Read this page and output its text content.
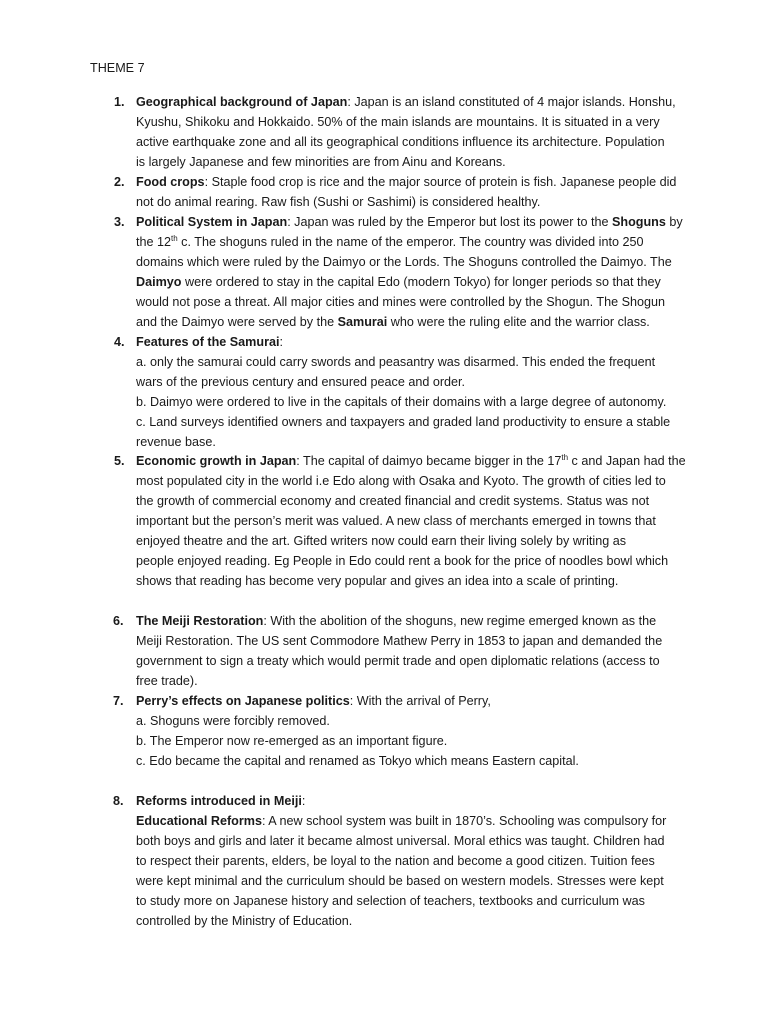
THEME 7
1. Geographical background of Japan: Japan is an island constituted of 4 major islands. Honshu,
Kyushu, Shikoku and Hokkaido. 50% of the main islands are mountains. It is situated in a very
active earthquake zone and all its geographical conditions influence its architecture. Population
is largely Japanese and few minorities are from Ainu and Koreans.
2. Food crops: Staple food crop is rice and the major source of protein is fish. Japanese people did
not do animal rearing. Raw fish (Sushi or Sashimi) is considered healthy.
3. Political System in Japan: Japan was ruled by the Emperor but lost its power to the Shoguns by
the 12th c. The shoguns ruled in the name of the emperor. The country was divided into 250
domains which were ruled by the Daimyo or the Lords. The Shoguns controlled the Daimyo. The
Daimyo were ordered to stay in the capital Edo (modern Tokyo) for longer periods so that they
would not pose a threat. All major cities and mines were controlled by the Shogun. The Shogun
and the Daimyo were served by the Samurai who were the ruling elite and the warrior class.
4. Features of the Samurai:
a. only the samurai could carry swords and peasantry was disarmed. This ended the frequent
wars of the previous century and ensured peace and order.
b. Daimyo were ordered to live in the capitals of their domains with a large degree of autonomy.
c. Land surveys identified owners and taxpayers and graded land productivity to ensure a stable
revenue base.
5. Economic growth in Japan: The capital of daimyo became bigger in the 17th c and Japan had the
most populated city in the world i.e Edo along with Osaka and Kyoto. The growth of cities led to
the growth of commercial economy and created financial and credit systems. Status was not
important but the person’s merit was valued. A new class of merchants emerged in towns that
enjoyed theatre and the art. Gifted writers now could earn their living solely by writing as
people enjoyed reading. Eg People in Edo could rent a book for the price of noodles bowl which
shows that reading has become very popular and gives an idea into a scale of printing.
6. The Meiji Restoration: With the abolition of the shoguns, new regime emerged known as the
Meiji Restoration. The US sent Commodore Mathew Perry in 1853 to japan and demanded the
government to sign a treaty which would permit trade and open diplomatic relations (access to
free trade).
7. Perry’s effects on Japanese politics: With the arrival of Perry,
a. Shoguns were forcibly removed.
b. The Emperor now re-emerged as an important figure.
c. Edo became the capital and renamed as Tokyo which means Eastern capital.
8. Reforms introduced in Meiji:
Educational Reforms: A new school system was built in 1870’s. Schooling was compulsory for
both boys and girls and later it became almost universal. Moral ethics was taught. Children had
to respect their parents, elders, be loyal to the nation and become a good citizen. Tuition fees
were kept minimal and the curriculum should be based on western models. Stresses were kept
to study more on Japanese history and selection of teachers, textbooks and curriculum was
controlled by the Ministry of Education.
